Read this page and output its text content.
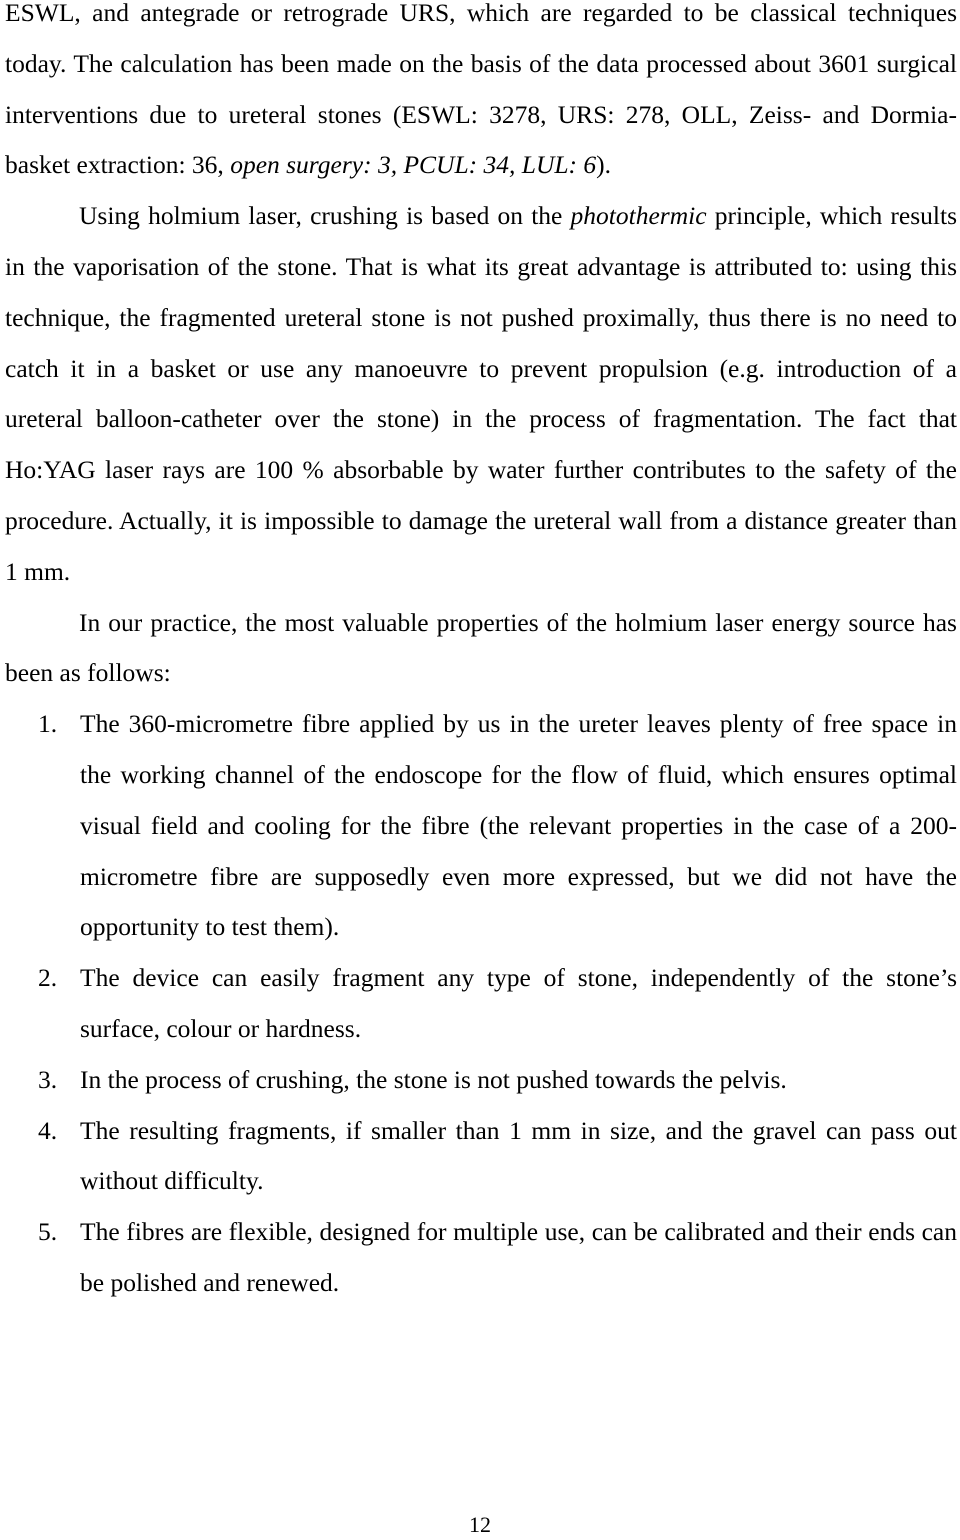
ESWL, and antegrade or retrograde URS, which are regarded to be classical techniques today. The calculation has been made on the basis of the data processed about 3601 surgical interventions due to ureteral stones (ESWL: 3278, URS: 278, OLL, Zeiss- and Dormia-basket extraction: 36, open surgery: 3, PCUL: 34, LUL: 6).

Using holmium laser, crushing is based on the photothermic principle, which results in the vaporisation of the stone. That is what its great advantage is attributed to: using this technique, the fragmented ureteral stone is not pushed proximally, thus there is no need to catch it in a basket or use any manoeuvre to prevent propulsion (e.g. introduction of a ureteral balloon-catheter over the stone) in the process of fragmentation. The fact that Ho:YAG laser rays are 100 % absorbable by water further contributes to the safety of the procedure. Actually, it is impossible to damage the ureteral wall from a distance greater than 1 mm.

In our practice, the most valuable properties of the holmium laser energy source has been as follows:

1. The 360-micrometre fibre applied by us in the ureter leaves plenty of free space in the working channel of the endoscope for the flow of fluid, which ensures optimal visual field and cooling for the fibre (the relevant properties in the case of a 200-micrometre fibre are supposedly even more expressed, but we did not have the opportunity to test them).
2. The device can easily fragment any type of stone, independently of the stone’s surface, colour or hardness.
3. In the process of crushing, the stone is not pushed towards the pelvis.
4. The resulting fragments, if smaller than 1 mm in size, and the gravel can pass out without difficulty.
5. The fibres are flexible, designed for multiple use, can be calibrated and their ends can be polished and renewed.
12
